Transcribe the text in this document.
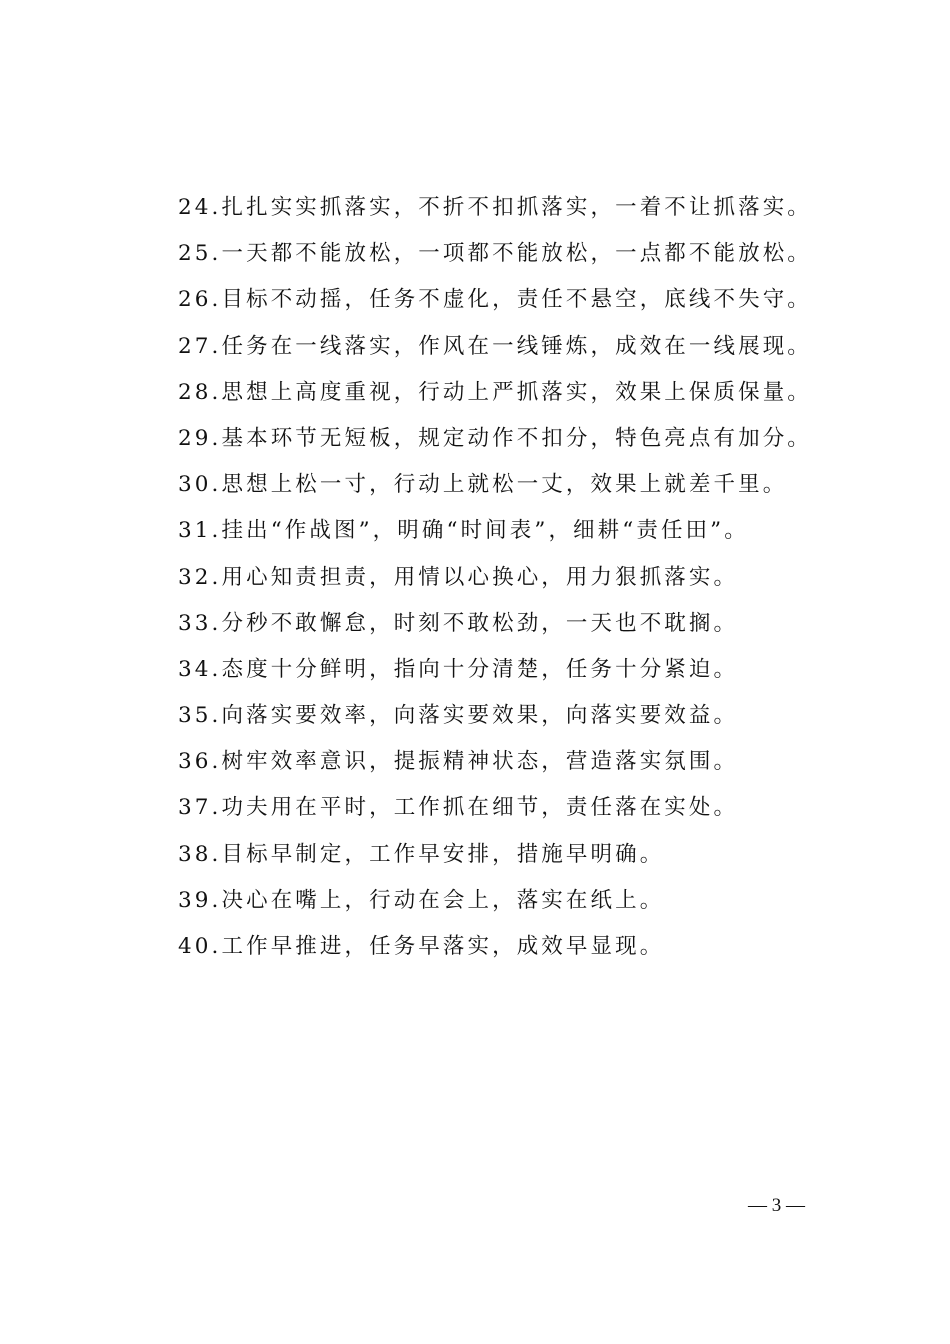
24.扎扎实实抓落实，不折不扣抓落实，一着不让抓落实。
25.一天都不能放松，一项都不能放松，一点都不能放松。
26.目标不动摇，任务不虚化，责任不悬空，底线不失守。
27.任务在一线落实，作风在一线锤炼，成效在一线展现。
28.思想上高度重视，行动上严抓落实，效果上保质保量。
29.基本环节无短板，规定动作不扣分，特色亮点有加分。
30.思想上松一寸，行动上就松一丈，效果上就差千里。
31.挂出“作战图”，明确“时间表”，细耕“责任田”。
32.用心知责担责，用情以心换心，用力狠抓落实。
33.分秒不敢懈怠，时刻不敢松劲，一天也不耽搁。
34.态度十分鲜明，指向十分清楚，任务十分紧迫。
35.向落实要效率，向落实要效果，向落实要效益。
36.树牢效率意识，提振精神状态，营造落实氛围。
37.功夫用在平时，工作抓在细节，责任落在实处。
38.目标早制定，工作早安排，措施早明确。
39.决心在嘴上，行动在会上，落实在纸上。
40.工作早推进，任务早落实，成效早显现。
— 3 —
